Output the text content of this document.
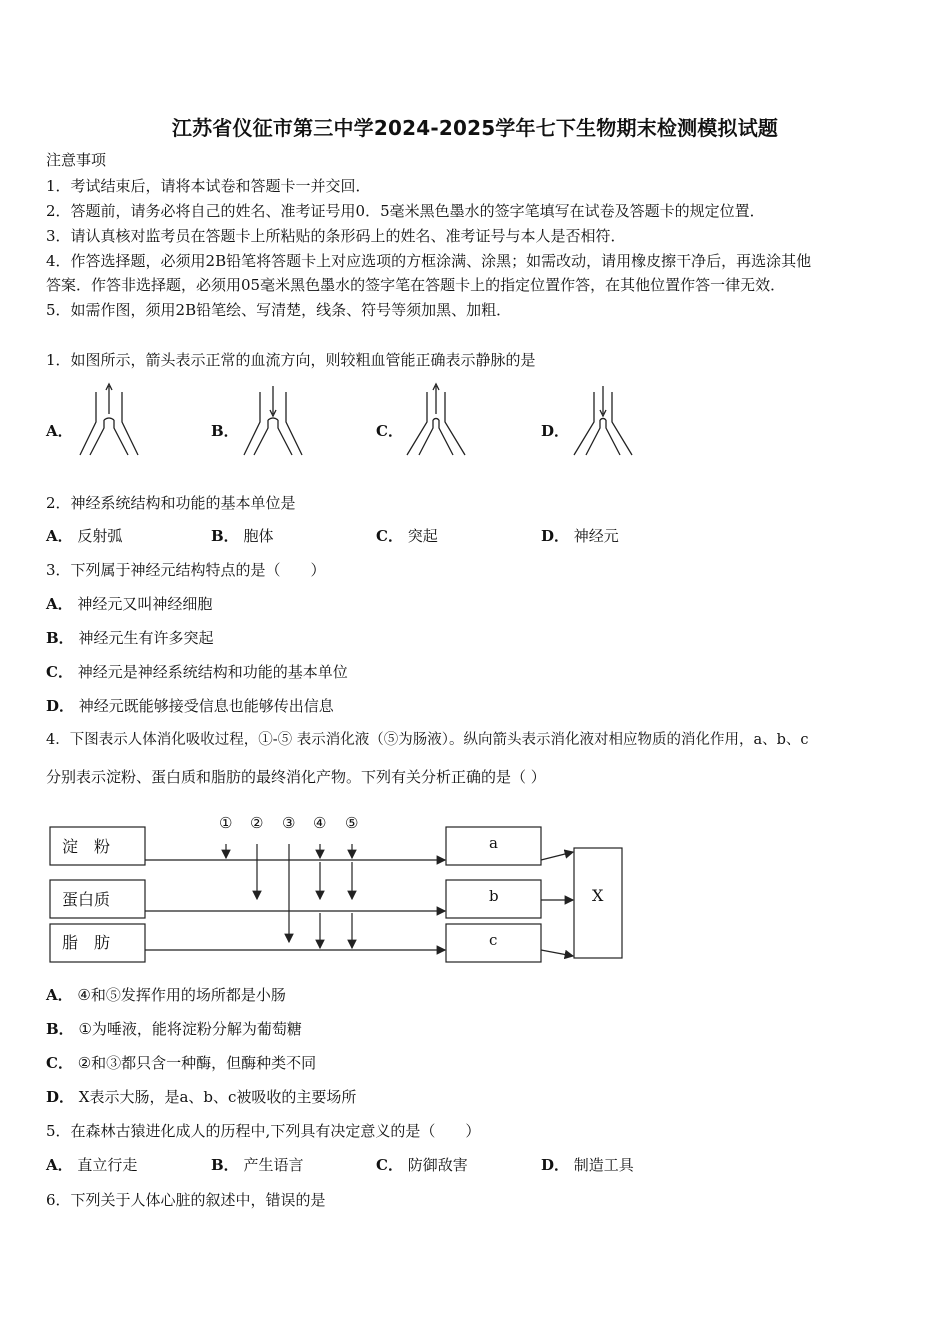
江苏省仪征市第三中学2024-2025学年七下生物期末检测模拟试题
注意事项
1．考试结束后，请将本试卷和答题卡一并交回．
2．答题前，请务必将自己的姓名、准考证号用0．5毫米黑色墨水的签字笔填写在试卷及答题卡的规定位置．
3．请认真核对监考员在答题卡上所粘贴的条形码上的姓名、准考证号与本人是否相符．
4．作答选择题，必须用2B铅笔将答题卡上对应选项的方框涂满、涂黑；如需改动，请用橡皮擦干净后，再选涂其他
答案．作答非选择题，必须用05毫米黑色墨水的签字笔在答题卡上的指定位置作答，在其他位置作答一律无效．
5．如需作图，须用2B铅笔绘、写清楚，线条、符号等须加黑、加粗．
1．如图所示，箭头表示正常的血流方向，则较粗血管能正确表示静脉的是
A．	B．	C．	D．
2．神经系统结构和功能的基本单位是
A． 反射弧	B． 胞体	C． 突起	D． 神经元
3．下列属于神经元结构特点的是（　　）
A． 神经元又叫神经细胞
B． 神经元生有许多突起
C． 神经元是神经系统结构和功能的基本单位
D． 神经元既能够接受信息也能够传出信息
4．下图表示人体消化吸收过程，①-⑤ 表示消化液（⑤为肠液）。纵向箭头表示消化液对相应物质的消化作用，a、b、c
分别表示淀粉、蛋白质和脂肪的最终消化产物。下列有关分析正确的是（ ）
淀　粉
蛋白质
脂　肪
① ② ③ ④ ⑤
a
b
c
X
A． ④和⑤发挥作用的场所都是小肠
B． ①为唾液，能将淀粉分解为葡萄糖
C． ②和③都只含一种酶，但酶种类不同
D． X表示大肠，是a、b、c被吸收的主要场所
5．在森林古猿进化成人的历程中,下列具有决定意义的是（　　）
A． 直立行走	B． 产生语言	C． 防御敌害	D． 制造工具
6．下列关于人体心脏的叙述中，错误的是
